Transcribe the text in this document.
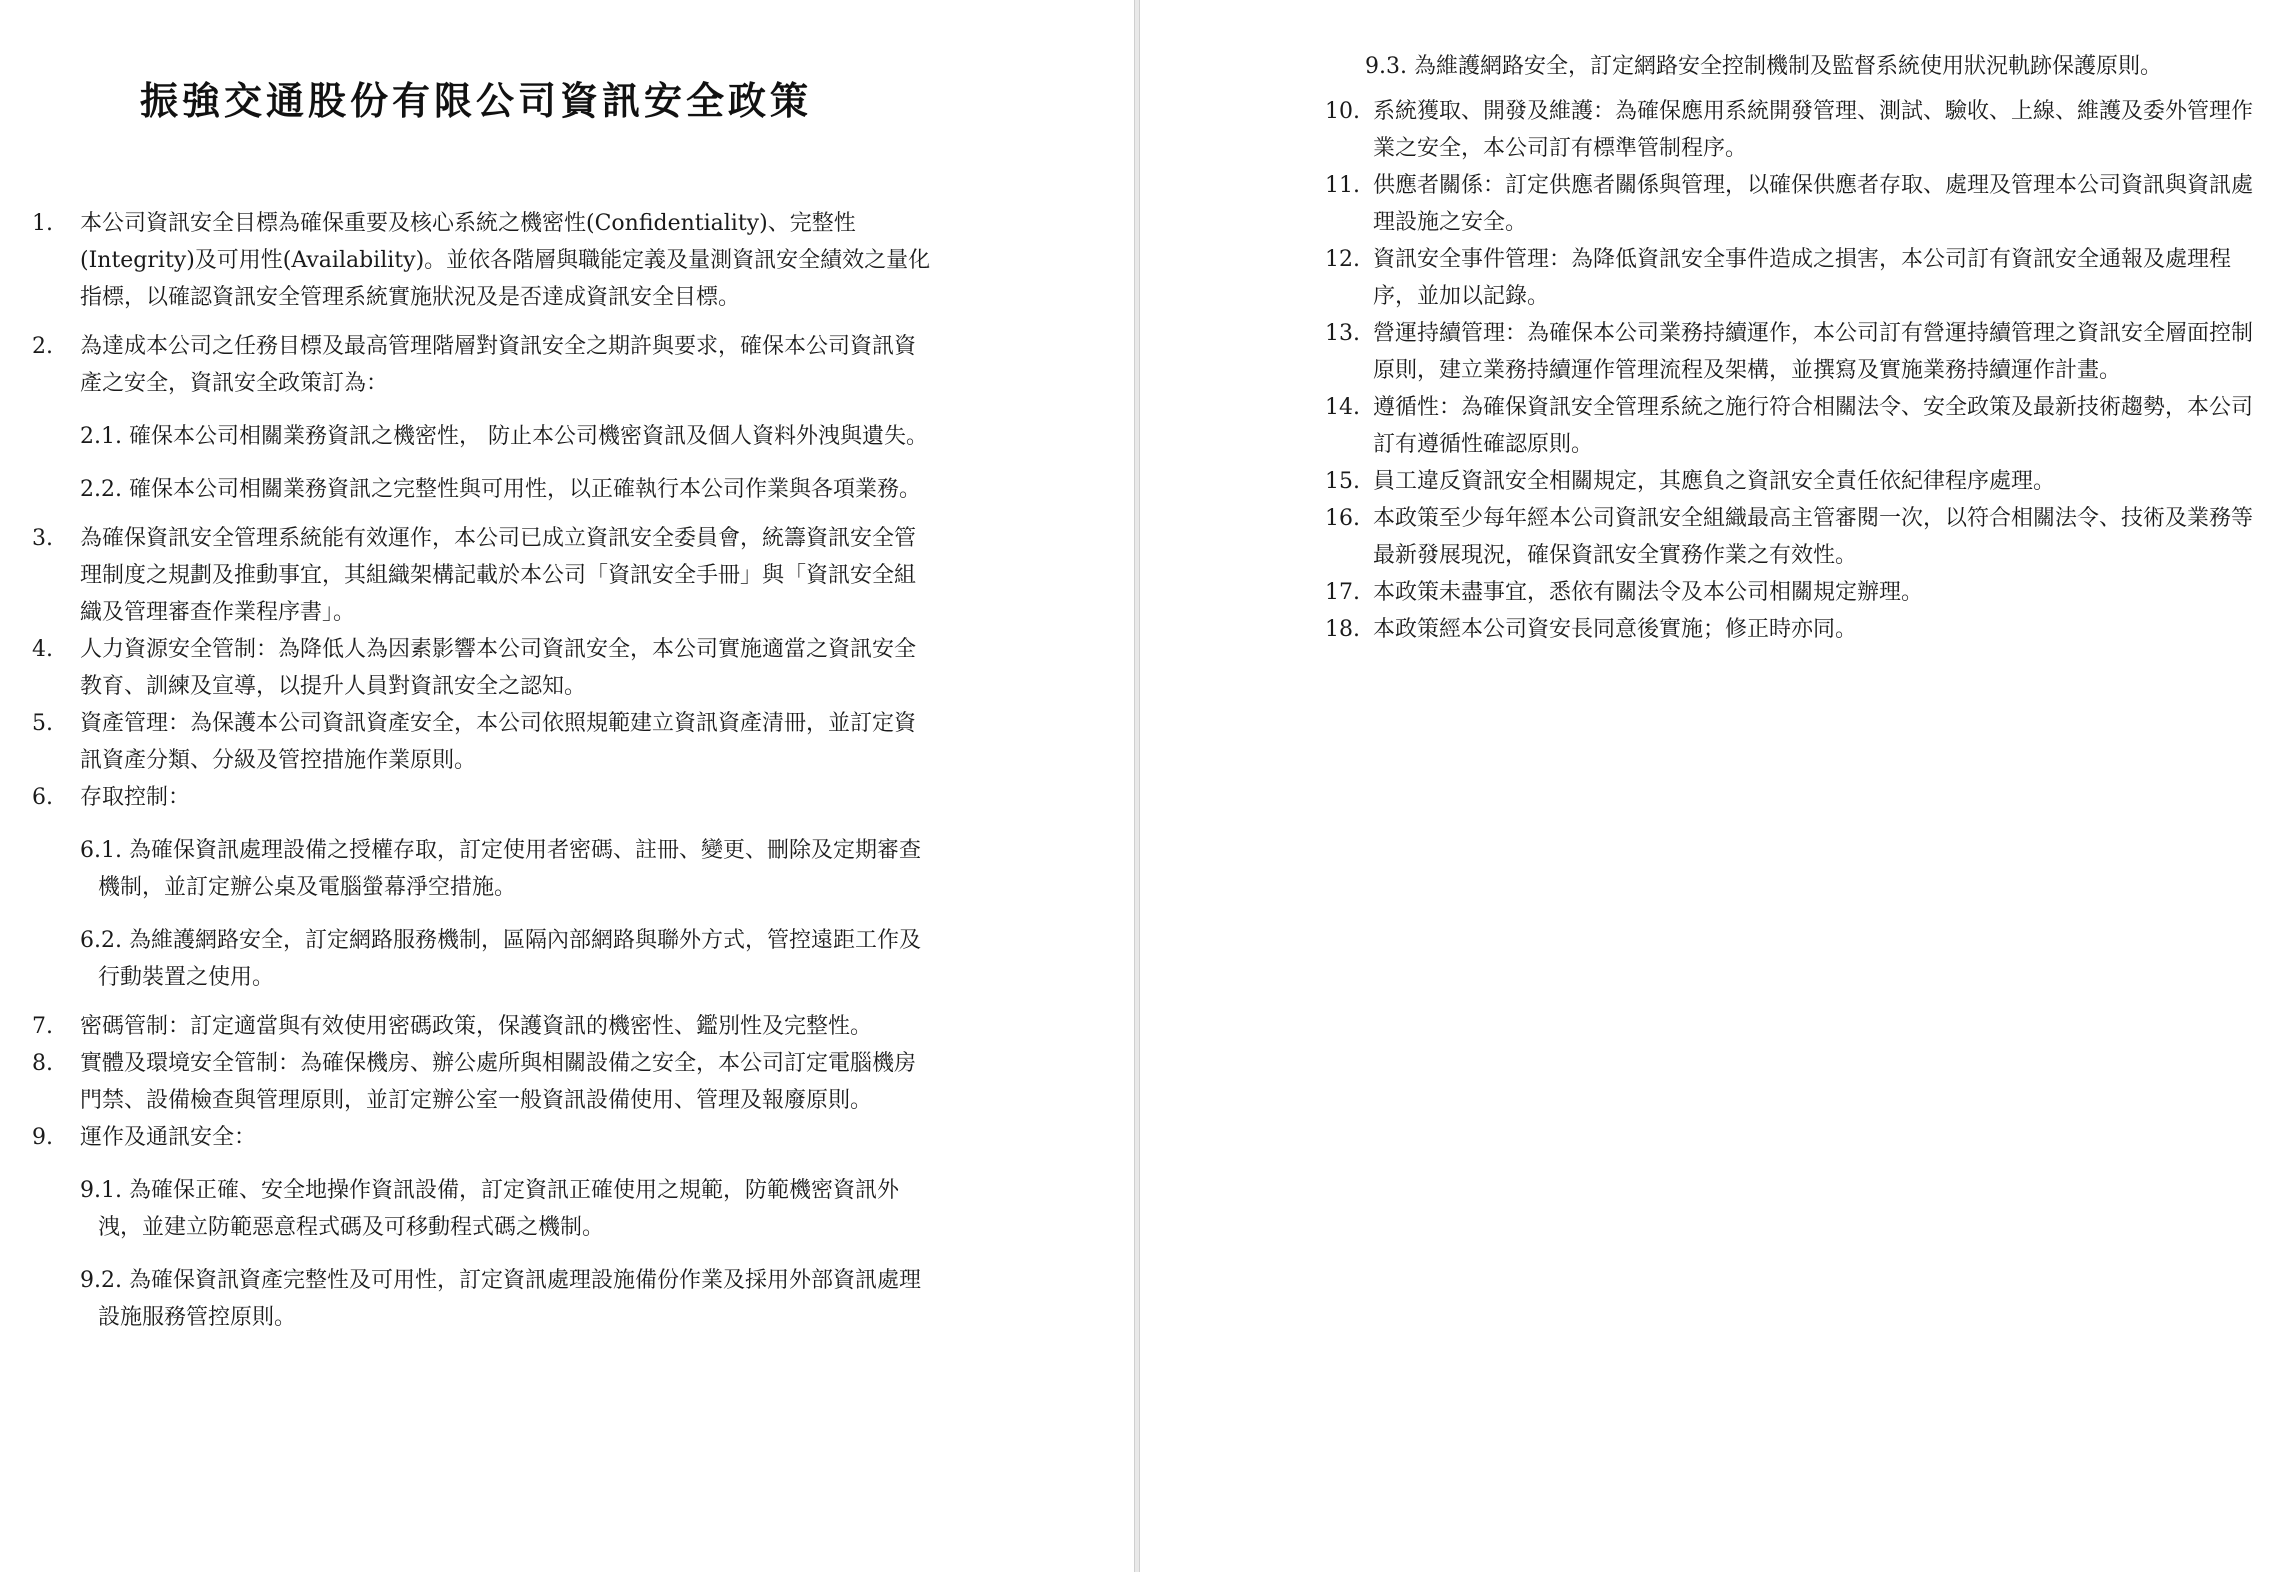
振強交通股份有限公司資訊安全政策
1. 本公司資訊安全目標為確保重要及核心系統之機密性(Confidentiality)、完整性 (Integrity)及可用性(Availability)。並依各階層與職能定義及量測資訊安全績效之量化指標，以確認資訊安全管理系統實施狀況及是否達成資訊安全目標。
2. 為達成本公司之任務目標及最高管理階層對資訊安全之期許與要求，確保本公司資訊資產之安全，資訊安全政策訂為：

2.1. 確保本公司相關業務資訊之機密性， 防止本公司機密資訊及個人資料外洩與遺失。

2.2. 確保本公司相關業務資訊之完整性與可用性，以正確執行本公司作業與各項業務。

3. 為確保資訊安全管理系統能有效運作，本公司已成立資訊安全委員會，統籌資訊安全管理制度之規劃及推動事宜，其組織架構記載於本公司「資訊安全手冊」與「資訊安全組織及管理審查作業程序書」。
4. 人力資源安全管制：為降低人為因素影響本公司資訊安全，本公司實施適當之資訊安全教育、訓練及宣導，以提升人員對資訊安全之認知。
5. 資產管理：為保護本公司資訊資產安全，本公司依照規範建立資訊資產清冊，並訂定資訊資產分類、分級及管控措施作業原則。
6. 存取控制：

6.1. 為確保資訊處理設備之授權存取，訂定使用者密碼、註冊、變更、刪除及定期審查機制，並訂定辦公桌及電腦螢幕淨空措施。

6.2. 為維護網路安全，訂定網路服務機制，區隔內部網路與聯外方式，管控遠距工作及行動裝置之使用。

7. 密碼管制：訂定適當與有效使用密碼政策，保護資訊的機密性、鑑別性及完整性。
8. 實體及環境安全管制：為確保機房、辦公處所與相關設備之安全，本公司訂定電腦機房門禁、設備檢查與管理原則，並訂定辦公室一般資訊設備使用、管理及報廢原則。
9. 運作及通訊安全：

9.1. 為確保正確、安全地操作資訊設備，訂定資訊正確使用之規範，防範機密資訊外洩，並建立防範惡意程式碼及可移動程式碼之機制。

9.2. 為確保資訊資產完整性及可用性，訂定資訊處理設施備份作業及採用外部資訊處理設施服務管控原則。

9.3. 為維護網路安全，訂定網路安全控制機制及監督系統使用狀況軌跡保護原則。

10. 系統獲取、開發及維護：為確保應用系統開發管理、測試、驗收、上線、維護及委外管理作業之安全，本公司訂有標準管制程序。
11. 供應者關係：訂定供應者關係與管理，以確保供應者存取、處理及管理本公司資訊與資訊處理設施之安全。
12. 資訊安全事件管理：為降低資訊安全事件造成之損害，本公司訂有資訊安全通報及處理程序，並加以記錄。
13. 營運持續管理：為確保本公司業務持續運作，本公司訂有營運持續管理之資訊安全層面控制原則，建立業務持續運作管理流程及架構，並撰寫及實施業務持續運作計畫。
14. 遵循性：為確保資訊安全管理系統之施行符合相關法令、安全政策及最新技術趨勢，本公司訂有遵循性確認原則。
15. 員工違反資訊安全相關規定，其應負之資訊安全責任依紀律程序處理。
16. 本政策至少每年經本公司資訊安全組織最高主管審閱一次，以符合相關法令、技術及業務等最新發展現況，確保資訊安全實務作業之有效性。
17. 本政策未盡事宜，悉依有關法令及本公司相關規定辦理。
18. 本政策經本公司資安長同意後實施；修正時亦同。
